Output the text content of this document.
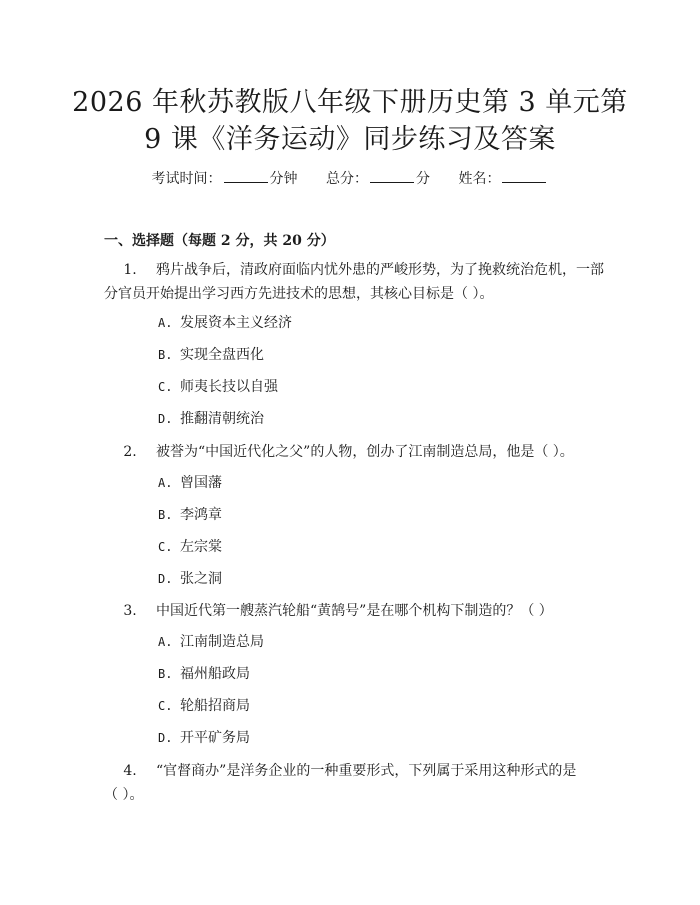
2026 年秋苏教版八年级下册历史第 3 单元第
9 课《洋务运动》同步练习及答案
考试时间：	分钟 总分：	分 姓名：
一、选择题（每题 2 分，共 20 分）
1. 鸦片战争后，清政府面临内忧外患的严峻形势，为了挽救统治危机，一部
分官员开始提出学习西方先进技术的思想，其核心目标是（ ）。
A. 发展资本主义经济
B. 实现全盘西化
C. 师夷长技以自强
D. 推翻清朝统治
2. 被誉为“中国近代化之父”的人物，创办了江南制造总局，他是（ ）。
A. 曾国藩
B. 李鸿章
C. 左宗棠
D. 张之洞
3. 中国近代第一艘蒸汽轮船“黄鹄号”是在哪个机构下制造的？（ ）
A. 江南制造总局
B. 福州船政局
C. 轮船招商局
D. 开平矿务局
4. “官督商办”是洋务企业的一种重要形式，下列属于采用这种形式的是
（ ）。
